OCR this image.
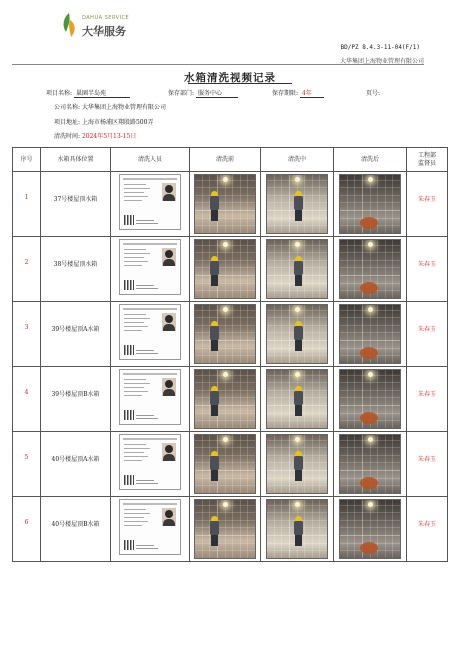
DAHUA SERVICE
大华服务
BD/PZ 8.4.3-11-04(F/1)
大华集团上海物业管理有限公司
水箱清洗视频记录
项目名称: 巢園半岛苑	保存部门: 服务中心	保存期限: 4年	页号:
公司名称: 大华集团上海物业管理有限公司
项目地址: 上海市杨浦区翔殷路500弄
清洗时间: 2024年5月13-15日
序号	水箱具体位置	清洗人员	清洗前	清洗中	清洗后	工程部
监督员
1	37号楼屋顶水箱					朱春玉
2	38号楼屋顶水箱					朱春玉
3	39号楼屋顶A水箱					朱春玉
4	39号楼屋顶B水箱					朱春玉
5	40号楼屋顶A水箱					朱春玉
6	40号楼屋顶B水箱					朱春玉
